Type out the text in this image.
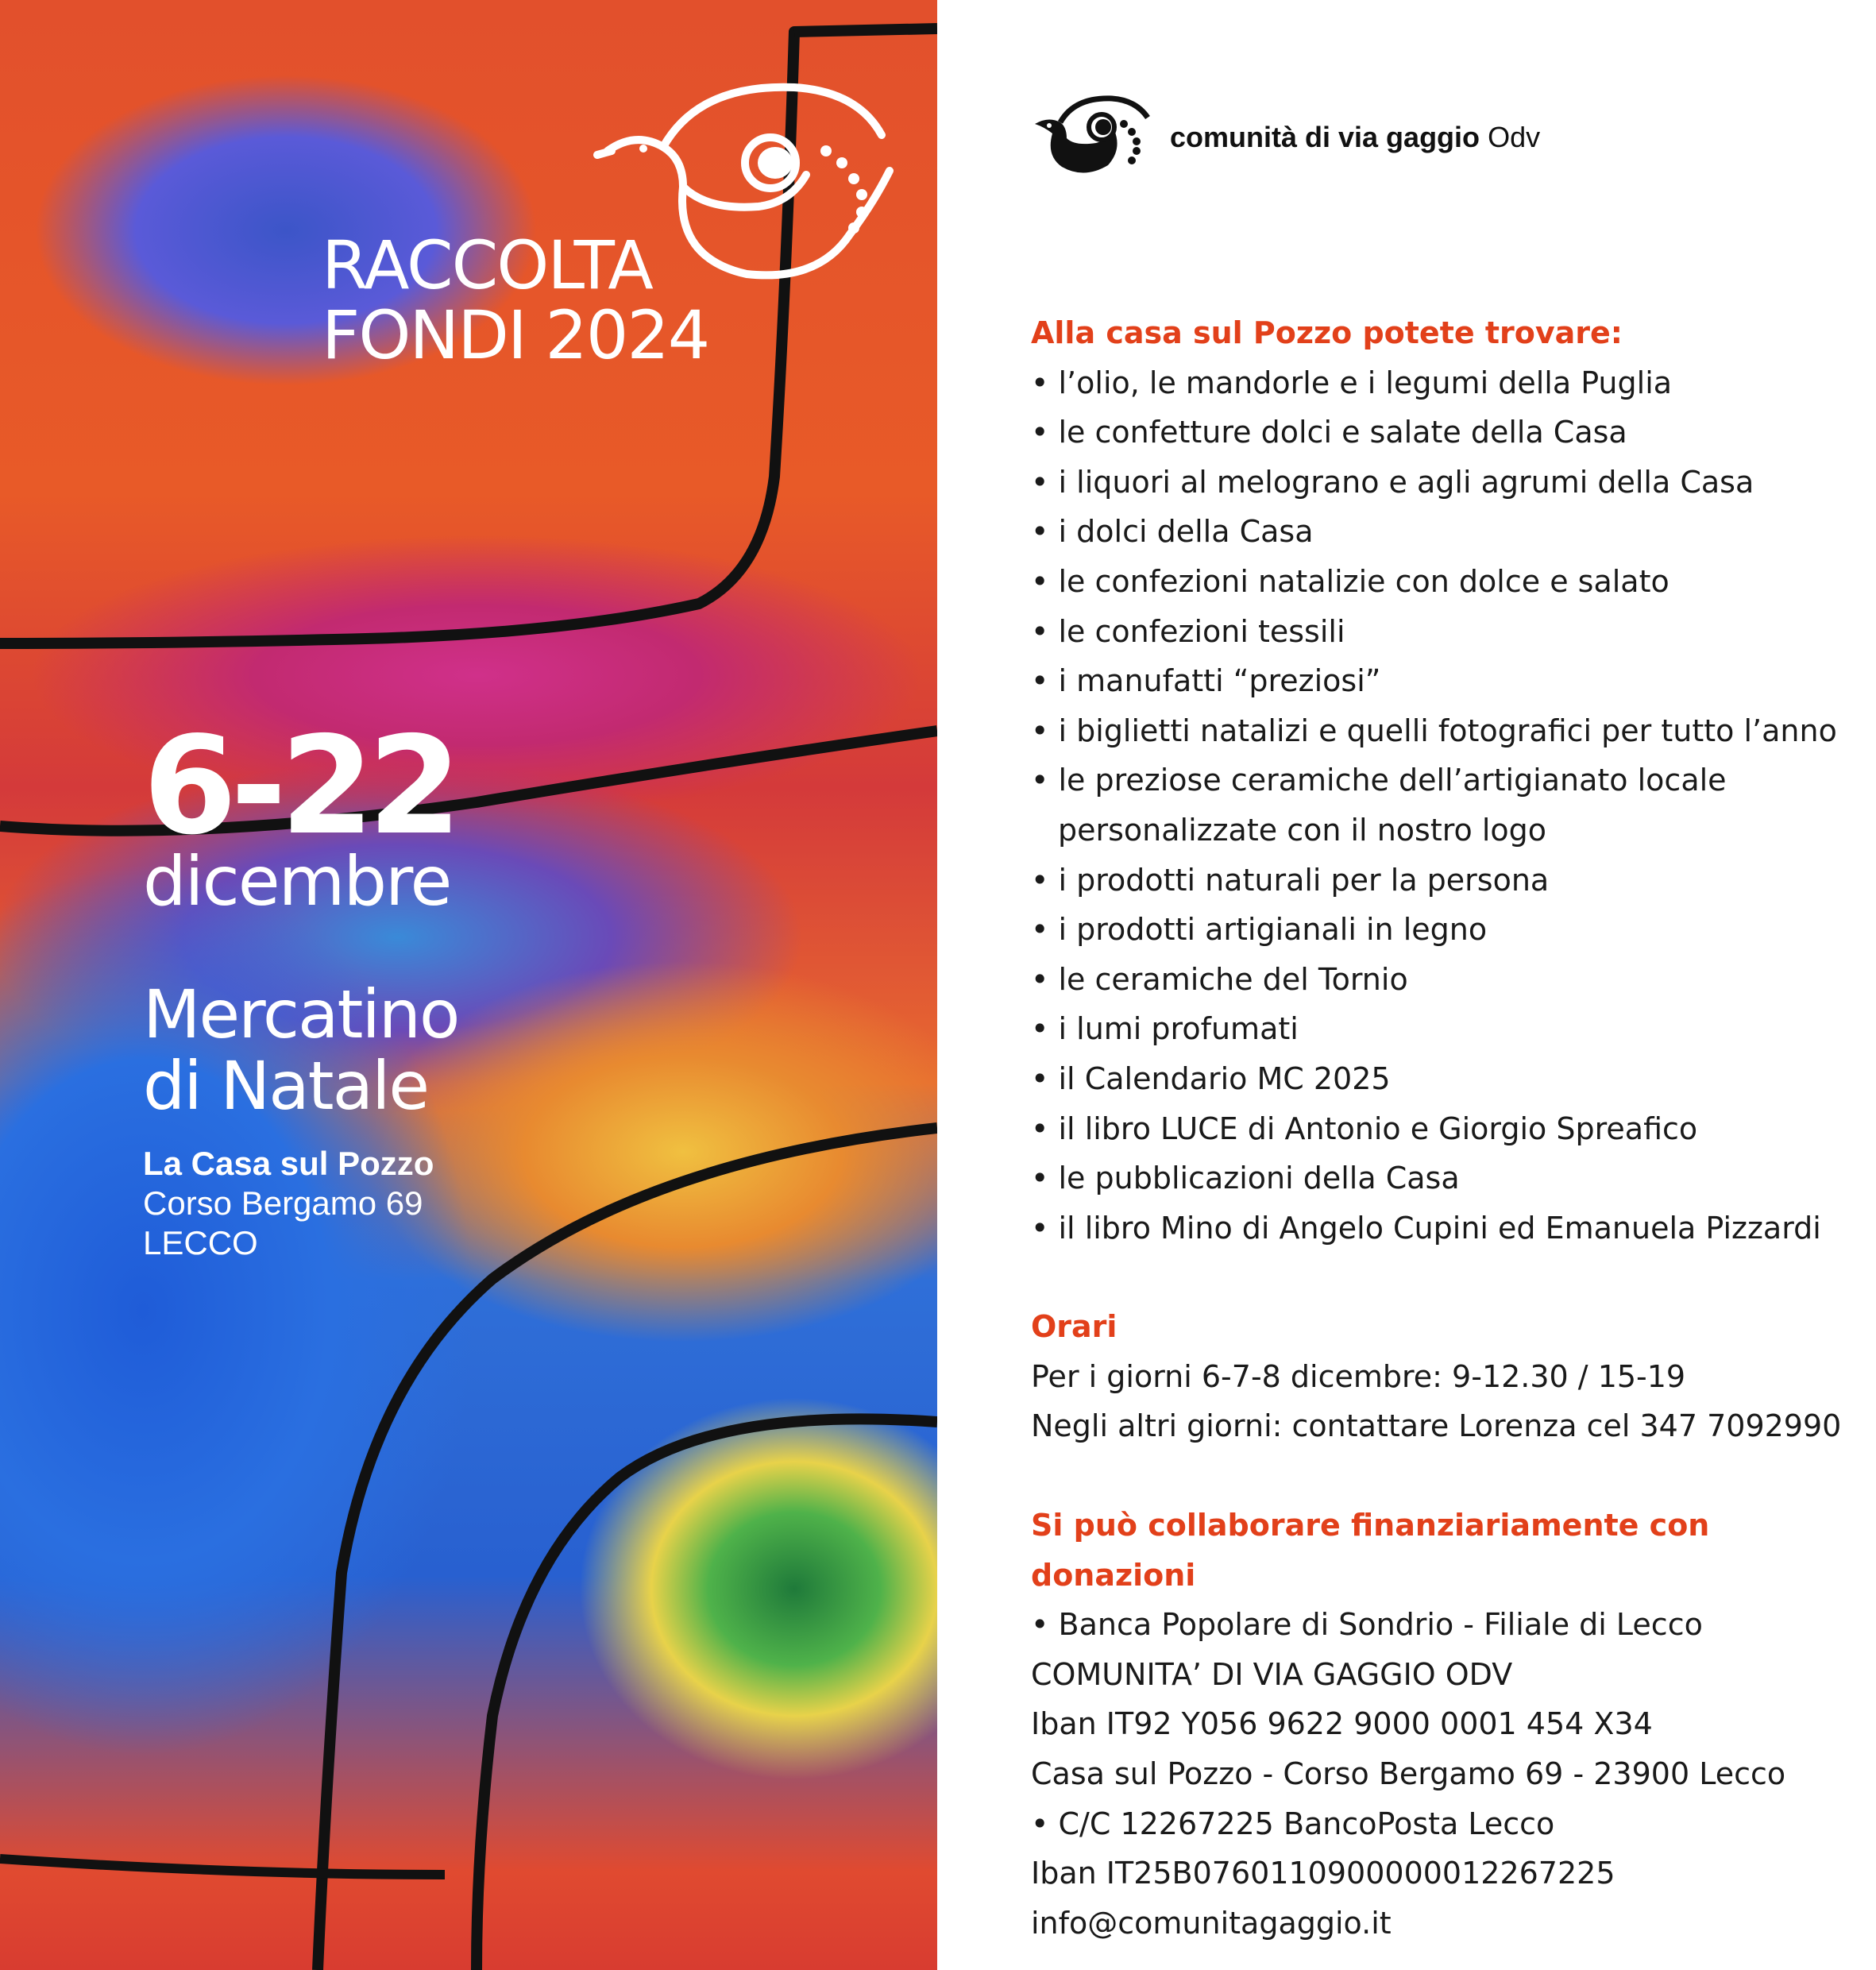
RACCOLTA
FONDI 2024
6-22
dicembre
Mercatino
di Natale
La Casa sul Pozzo
Corso Bergamo 69
LECCO
comunità di via gaggio Odv
Alla casa sul Pozzo potete trovare:
• l’olio, le mandorle e i legumi della Puglia
• le confetture dolci e salate della Casa
• i liquori al melograno e agli agrumi della Casa
• i dolci della Casa
• le confezioni natalizie con dolce e salato
• le confezioni tessili
• i manufatti “preziosi”
• i biglietti natalizi e quelli fotografici per tutto l’anno
• le preziose ceramiche dell’artigianato locale
personalizzate con il nostro logo
• i prodotti naturali per la persona
• i prodotti artigianali in legno
• le ceramiche del Tornio
• i lumi profumati
• il Calendario MC 2025
• il libro LUCE di Antonio e Giorgio Spreafico
• le pubblicazioni della Casa
• il libro Mino di Angelo Cupini ed Emanuela Pizzardi
Orari
Per i giorni 6-7-8 dicembre: 9-12.30 / 15-19
Negli altri giorni: contattare Lorenza cel 347 7092990
Si può collaborare finanziariamente con donazioni
• Banca Popolare di Sondrio - Filiale di Lecco
COMUNITA’ DI VIA GAGGIO ODV
Iban IT92 Y056 9622 9000 0001 454 X34
Casa sul Pozzo - Corso Bergamo 69 - 23900 Lecco
• C/C 12267225 BancoPosta Lecco
Iban IT25B0760110900000012267225
info@comunitagaggio.it
